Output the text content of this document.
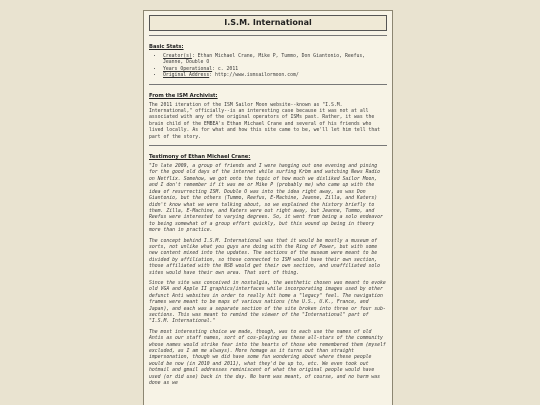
I.S.M. International
Basic Stats:
• Creator(s): Ethan Michael Crane, Mike P, Tummo, Don Giantonio, Reefus, Jeanne, Double O
• Years Operational: c. 2011
• Original Address: http://www.ismsailormoon.com/
From the ISM Archivist:

The 2011 iteration of the ISM Sailor Moon website--known as "I.S.M. International," officially--is an interesting case because it was not at all associated with any of the original operators of ISMs past. Rather, it was the brain child of the EMBEA's Ethan Michael Crane and several of his friends who lived locally. As for what and how this site came to be, we'll let him tell that part of the story.

Testimony of Ethan Michael Crane:

"In late 2009, a group of friends and I were hanging out one evening and pining for the good old days of the internet while surfing Krbm and watching News Radio on Netflix. Somehow, we got onto the topic of how much we disliked Sailor Moon, and I don't remember if it was me or Mike P (probably me) who came up with the idea of resurrecting ISM. Double O was into the idea right away, as was Don Giantonio, but the others (Tummo, Reefus, E-Machine, Jeanne, Zilla, and Katers) didn't know what we were talking about, so we explained the history briefly to them. Zilla, E-Machine, and Katers were out right away, but Jeanne, Tummo, and Reefus were interested to varying degrees. So, it went from being a solo endeavor to being somewhat of a group effort quickly, but this wound up being in theory more than in practice.

The concept behind I.S.M. International was that it would be mostly a museum of sorts, not unlike what you guys are doing with the Ring of Power, but with some new content mixed into the updates. The sections of the museum were meant to be divided by affiliation, so those connected to ISM would have their own section, those affiliated with the NSB would get their own section, and unaffiliated solo sites would have their own area. That sort of thing.

Since the site was conceived in nostalgia, the aesthetic chosen was meant to evoke old VGA and Apple II graphics/interfaces while incorporating images used by other defunct Anti websites in order to really hit home a "legacy" feel. The navigation frames were meant to be maps of various nations (the U.S., U.K., France, and Japan), and each was a separate section of the site broken into three or four sub-sections. This was meant to remind the viewer of the "International" part of "I.S.M. International."

The most interesting choice we made, though, was to each use the names of old Antis as our staff names, sort of cos-playing as these all-stars of the community whose names would strike fear into the hearts of those who remembered them (myself excluded, as I am me always). More homage as it turns out than straight impersonation, though we did have some fun wondering about where these people would be now (in 2010 and 2011), what they'd be up to, etc. We even took out hotmail and gmail addresses reminiscent of what the original people would have used (or did use) back in the day. No harm was meant, of course, and no harm was done as we
